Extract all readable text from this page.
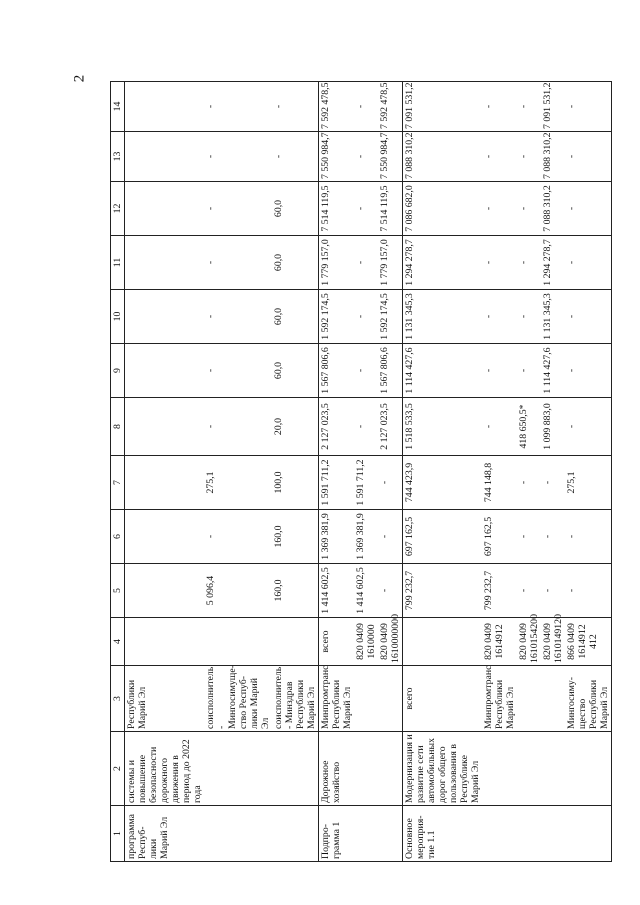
2
1	2	3	4	5	6	7	8	9	10	11	12	13	14
программа Респуб-лики Марий Эл	системы и повышение безопасности дорожного движения в период до 2022 года	Республики Марий Эл											
		соисполнитель - Мингосимуще-ство Респуб-лики Марий Эл		5 096,4	-	275,1	-	-	-	-	-	-	-
		соисполнитель - Минздрав Республики Марий Эл		160,0	160,0	100,0	20,0	60,0	60,0	60,0	60,0	-	-
Подпро-грамма 1	Дорожное хозяйство	Минпромтранс Республики Марий Эл	всего	1 414 602,5	1 369 381,9	1 591 711,2	2 127 023,5	1 567 806,6	1 592 174,5	1 779 157,0	7 514 119,5	7 550 984,7	7 592 478,5
			820 0409 1610000	1 414 602,5	1 369 381,9	1 591 711,2	-	-	-	-	-	-	-
			820 0409 1610000000	-	-	-	2 127 023,5	1 567 806,6	1 592 174,5	1 779 157,0	7 514 119,5	7 550 984,7	7 592 478,5
Основное мероприя-тие 1.1	Модернизация и развитие сети автомобильных дорог общего пользования в Республике Марий Эл	всего		799 232,7	697 162,5	744 423,9	1 518 533,5	1 114 427,6	1 131 345,3	1 294 278,7	7 086 682,0	7 088 310,2	7 091 531,2
		Минпромтранс Республики Марий Эл	820 0409 1614912	799 232,7	697 162,5	744 148,8	-	-	-	-	-	-	-
			820 0409 1610154200	-	-	-	418 650,5*	-	-	-	-	-	-
			820 0409 1610149120	-	-	-	1 099 883,0	1 114 427,6	1 131 345,3	1 294 278,7	7 088 310,2	7 088 310,2	7 091 531,2
		Мингосиму-щество Республики Марий Эл	866 0409 1614912 412	-	-	275,1	-	-	-	-	-	-	-
